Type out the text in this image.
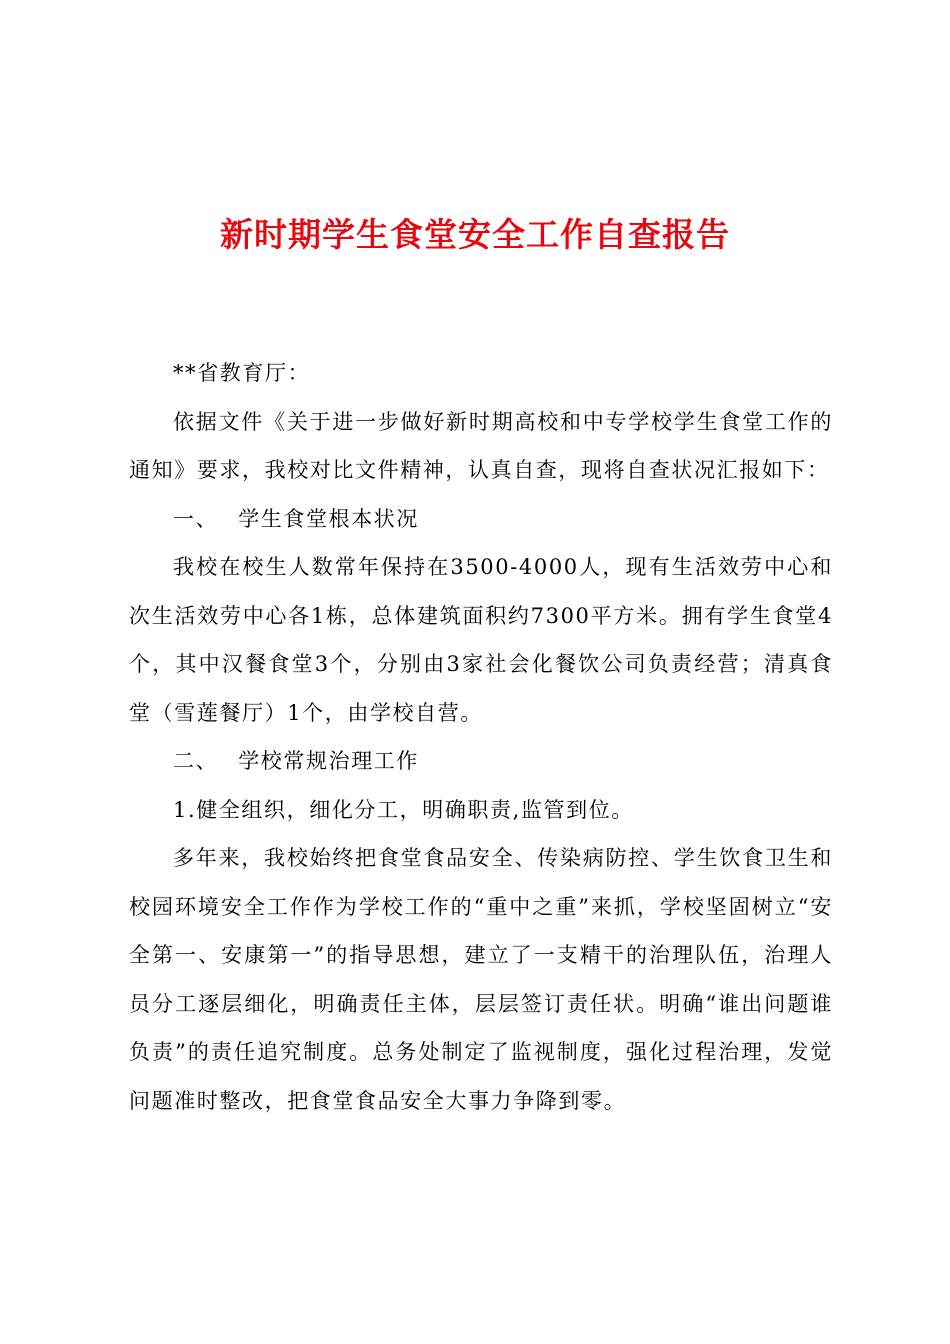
新时期学生食堂安全工作自查报告

**省教育厅：

依据文件《关于进一步做好新时期高校和中专学校学生食堂工作的通知》要求，我校对比文件精神，认真自查，现将自查状况汇报如下：

一、 学生食堂根本状况

我校在校生人数常年保持在3500-4000人，现有生活效劳中心和次生活效劳中心各1栋，总体建筑面积约7300平方米。拥有学生食堂4个，其中汉餐食堂3个，分别由3家社会化餐饮公司负责经营；清真食堂（雪莲餐厅）1个，由学校自营。

二、 学校常规治理工作

1.健全组织，细化分工，明确职责,监管到位。

多年来，我校始终把食堂食品安全、传染病防控、学生饮食卫生和校园环境安全工作作为学校工作的“重中之重”来抓，学校坚固树立“安全第一、安康第一”的指导思想，建立了一支精干的治理队伍，治理人员分工逐层细化，明确责任主体，层层签订责任状。明确“谁出问题谁负责”的责任追究制度。总务处制定了监视制度，强化过程治理，发觉问题准时整改，把食堂食品安全大事力争降到零。
